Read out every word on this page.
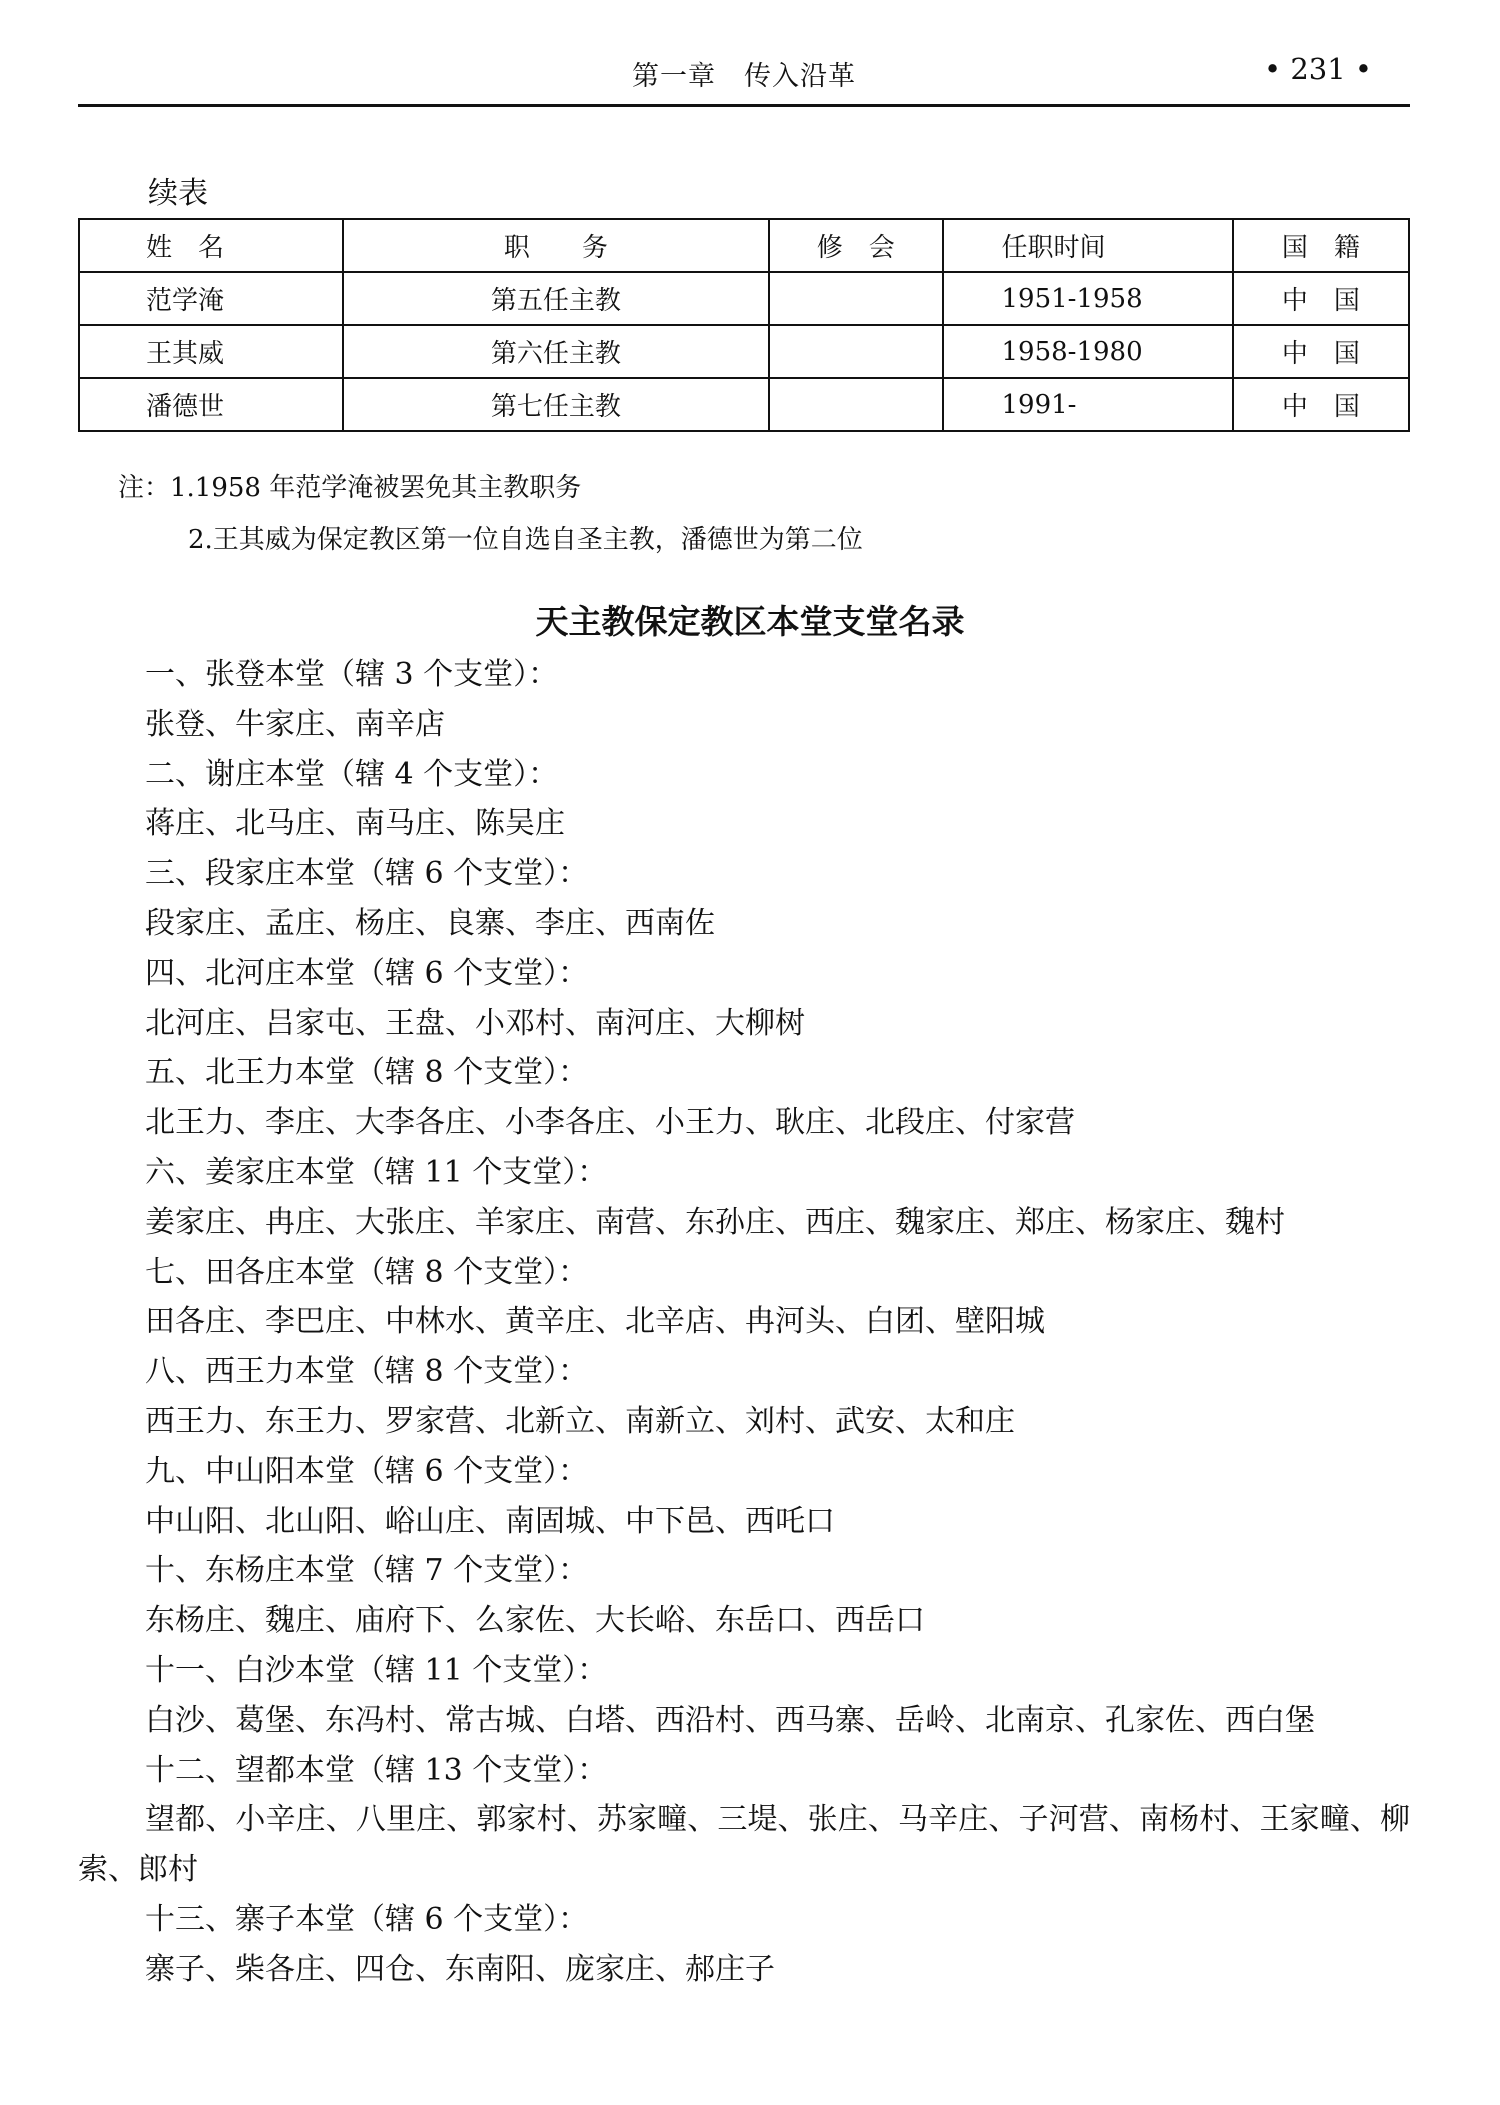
第一章　传入沿革	• 231 •
续表
姓　名	职　　务	修　会	任职时间	国　籍
范学淹	第五任主教		1951-1958	中　国
王其威	第六任主教		1958-1980	中　国
潘德世	第七任主教		1991-	中　国
注：1.1958 年范学淹被罢免其主教职务
2.王其威为保定教区第一位自选自圣主教，潘德世为第二位
天主教保定教区本堂支堂名录
一、张登本堂（辖 3 个支堂）：
张登、牛家庄、南辛店
二、谢庄本堂（辖 4 个支堂）：
蒋庄、北马庄、南马庄、陈吴庄
三、段家庄本堂（辖 6 个支堂）：
段家庄、孟庄、杨庄、良寨、李庄、西南佐
四、北河庄本堂（辖 6 个支堂）：
北河庄、吕家屯、王盘、小邓村、南河庄、大柳树
五、北王力本堂（辖 8 个支堂）：
北王力、李庄、大李各庄、小李各庄、小王力、耿庄、北段庄、付家营
六、姜家庄本堂（辖 11 个支堂）：
姜家庄、冉庄、大张庄、羊家庄、南营、东孙庄、西庄、魏家庄、郑庄、杨家庄、魏村
七、田各庄本堂（辖 8 个支堂）：
田各庄、李巴庄、中林水、黄辛庄、北辛店、冉河头、白团、壁阳城
八、西王力本堂（辖 8 个支堂）：
西王力、东王力、罗家营、北新立、南新立、刘村、武安、太和庄
九、中山阳本堂（辖 6 个支堂）：
中山阳、北山阳、峪山庄、南固城、中下邑、西吒口
十、东杨庄本堂（辖 7 个支堂）：
东杨庄、魏庄、庙府下、么家佐、大长峪、东岳口、西岳口
十一、白沙本堂（辖 11 个支堂）：
白沙、葛堡、东冯村、常古城、白塔、西沿村、西马寨、岳岭、北南京、孔家佐、西白堡
十二、望都本堂（辖 13 个支堂）：
望都、小辛庄、八里庄、郭家村、苏家疃、三堤、张庄、马辛庄、子河营、南杨村、王家疃、柳索、郎村
十三、寨子本堂（辖 6 个支堂）：
寨子、柴各庄、四仓、东南阳、庞家庄、郝庄子
